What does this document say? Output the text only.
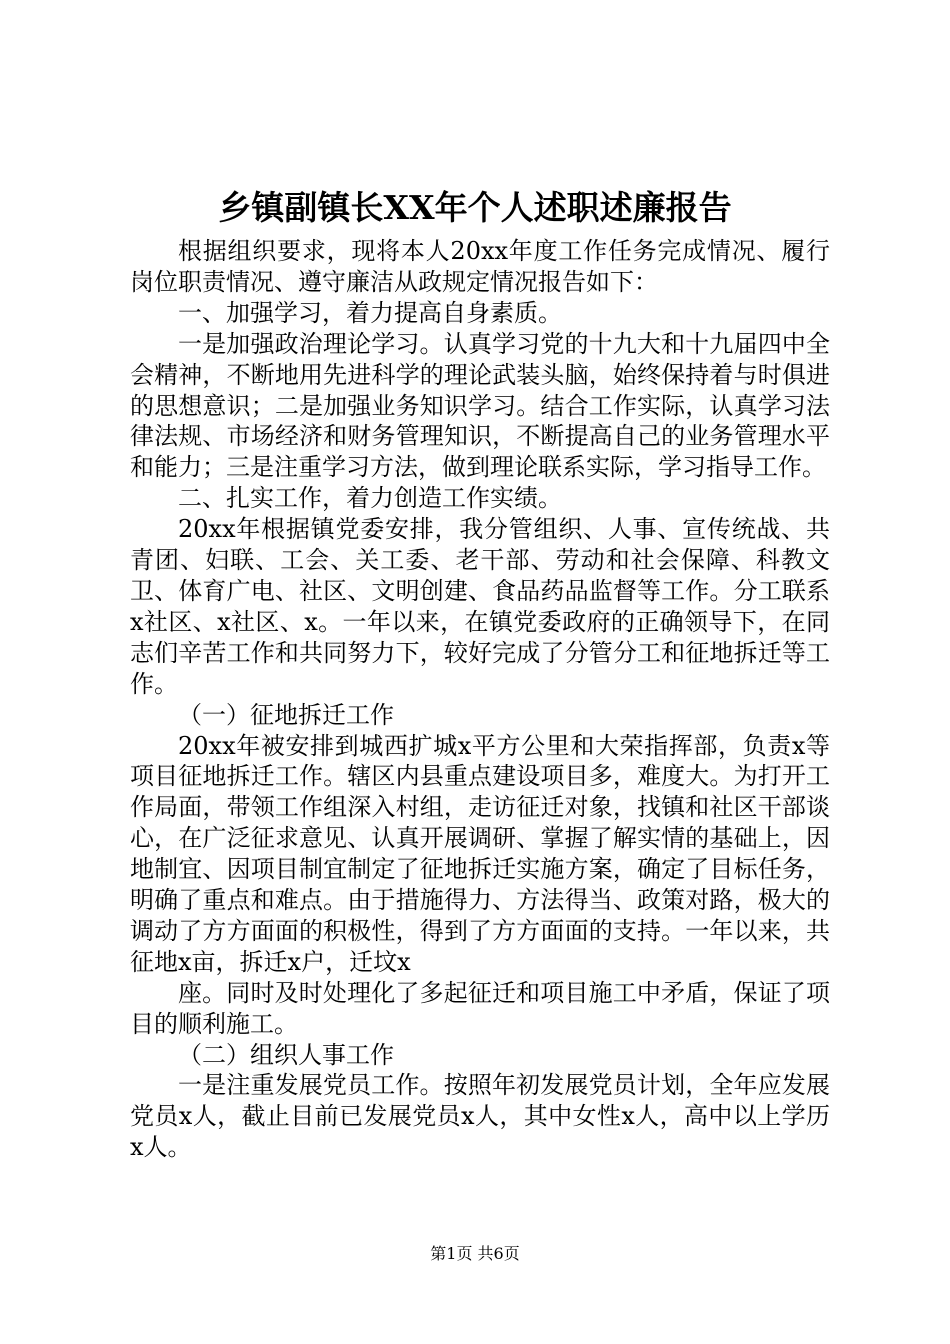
乡镇副镇长XX年个人述职述廉报告

根据组织要求，现将本人20xx年度工作任务完成情况、履行岗位职责情况、遵守廉洁从政规定情况报告如下：

一、加强学习，着力提高自身素质。

一是加强政治理论学习。认真学习党的十九大和十九届四中全会精神，不断地用先进科学的理论武装头脑，始终保持着与时俱进的思想意识；二是加强业务知识学习。结合工作实际，认真学习法律法规、市场经济和财务管理知识，不断提高自己的业务管理水平和能力；三是注重学习方法，做到理论联系实际，学习指导工作。

二、扎实工作，着力创造工作实绩。

20xx年根据镇党委安排，我分管组织、人事、宣传统战、共青团、妇联、工会、关工委、老干部、劳动和社会保障、科教文卫、体育广电、社区、文明创建、食品药品监督等工作。分工联系x社区、x社区、x。一年以来，在镇党委政府的正确领导下，在同志们辛苦工作和共同努力下，较好完成了分管分工和征地拆迁等工作。

（一）征地拆迁工作

20xx年被安排到城西扩城x平方公里和大荣指挥部，负责x等项目征地拆迁工作。辖区内县重点建设项目多，难度大。为打开工作局面，带领工作组深入村组，走访征迁对象，找镇和社区干部谈心，在广泛征求意见、认真开展调研、掌握了解实情的基础上，因地制宜、因项目制宜制定了征地拆迁实施方案，确定了目标任务，明确了重点和难点。由于措施得力、方法得当、政策对路，极大的调动了方方面面的积极性，得到了方方面面的支持。一年以来，共征地x亩，拆迁x户，迁坟x

座。同时及时处理化了多起征迁和项目施工中矛盾，保证了项目的顺利施工。

（二）组织人事工作

一是注重发展党员工作。按照年初发展党员计划，全年应发展党员x人，截止目前已发展党员x人，其中女性x人，高中以上学历x人。

第1页 共6页
